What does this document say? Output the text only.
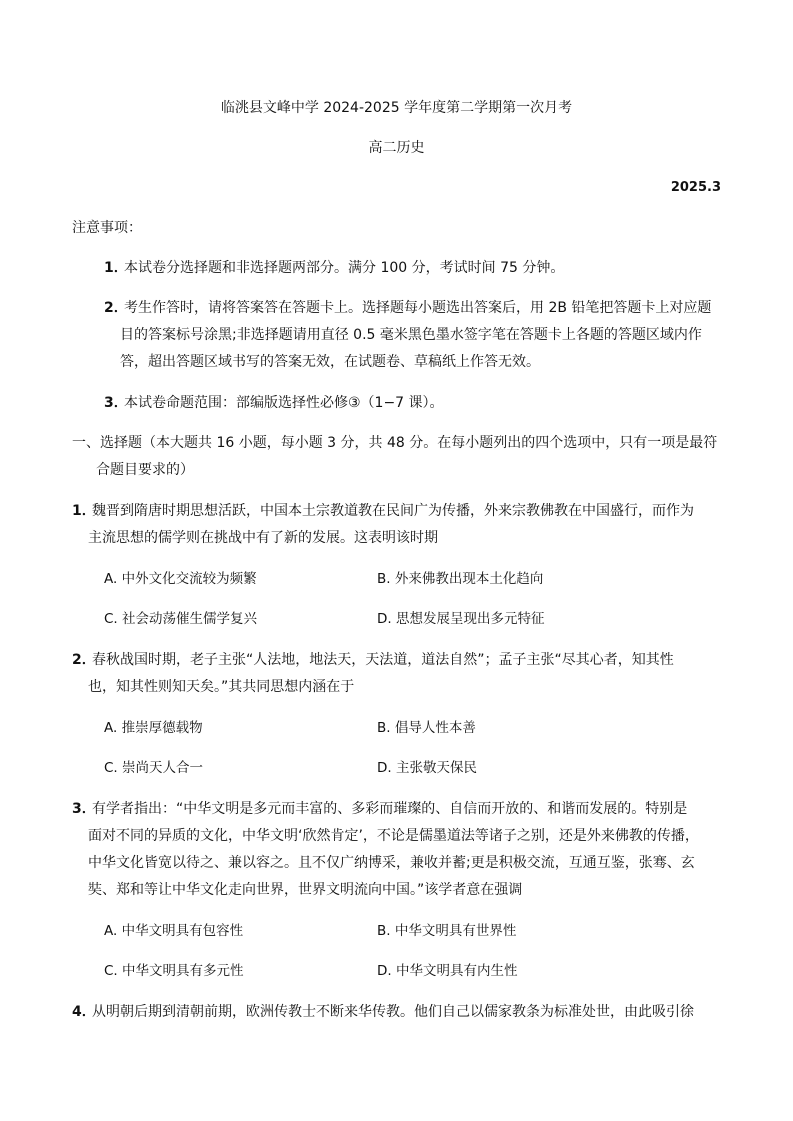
临洮县文峰中学 2024-2025 学年度第二学期第一次月考
高二历史
2025.3
注意事项：
1．
本试卷分选择题和非选择题两部分。满分 100 分，考试时间 75 分钟。
2．
考生作答时，请将答案答在答题卡上。选择题每小题选出答案后，用 2B 铅笔把答题卡上对应题
目的答案标号涂黑;非选择题请用直径 0.5 毫米黑色墨水签字笔在答题卡上各题的答题区域内作
答，超出答题区域书写的答案无效，在试题卷、草稿纸上作答无效。
3．
本试卷命题范围：部编版选择性必修③（1−7 课）。
一、选择题（本大题共 16 小题，每小题 3 分，共 48 分。在每小题列出的四个选项中，只有一项是最符
合题目要求的）
1．
魏晋到隋唐时期思想活跃，中国本土宗教道教在民间广为传播，外来宗教佛教在中国盛行，而作为
主流思想的儒学则在挑战中有了新的发展。这表明该时期
A. 中外文化交流较为频繁	B. 外来佛教出现本土化趋向
C. 社会动荡催生儒学复兴	D. 思想发展呈现出多元特征
2．
春秋战国时期，老子主张“人法地，地法天，天法道，道法自然”；孟子主张“尽其心者，知其性
也，知其性则知天矣。”其共同思想内涵在于
A. 推崇厚德载物	B. 倡导人性本善
C. 崇尚天人合一	D. 主张敬天保民
3．
有学者指出：“中华文明是多元而丰富的、多彩而璀璨的、自信而开放的、和谐而发展的。特别是
面对不同的异质的文化，中华文明‘欣然肯定’，不论是儒墨道法等诸子之别，还是外来佛教的传播，
中华文化皆宽以待之、兼以容之。且不仅广纳博采，兼收并蓄;更是积极交流，互通互鉴，张骞、玄
奘、郑和等让中华文化走向世界，世界文明流向中国。”该学者意在强调
A. 中华文明具有包容性	B. 中华文明具有世界性
C. 中华文明具有多元性	D. 中华文明具有内生性
4．
从明朝后期到清朝前期，欧洲传教士不断来华传教。他们自己以儒家教条为标准处世，由此吸引徐
